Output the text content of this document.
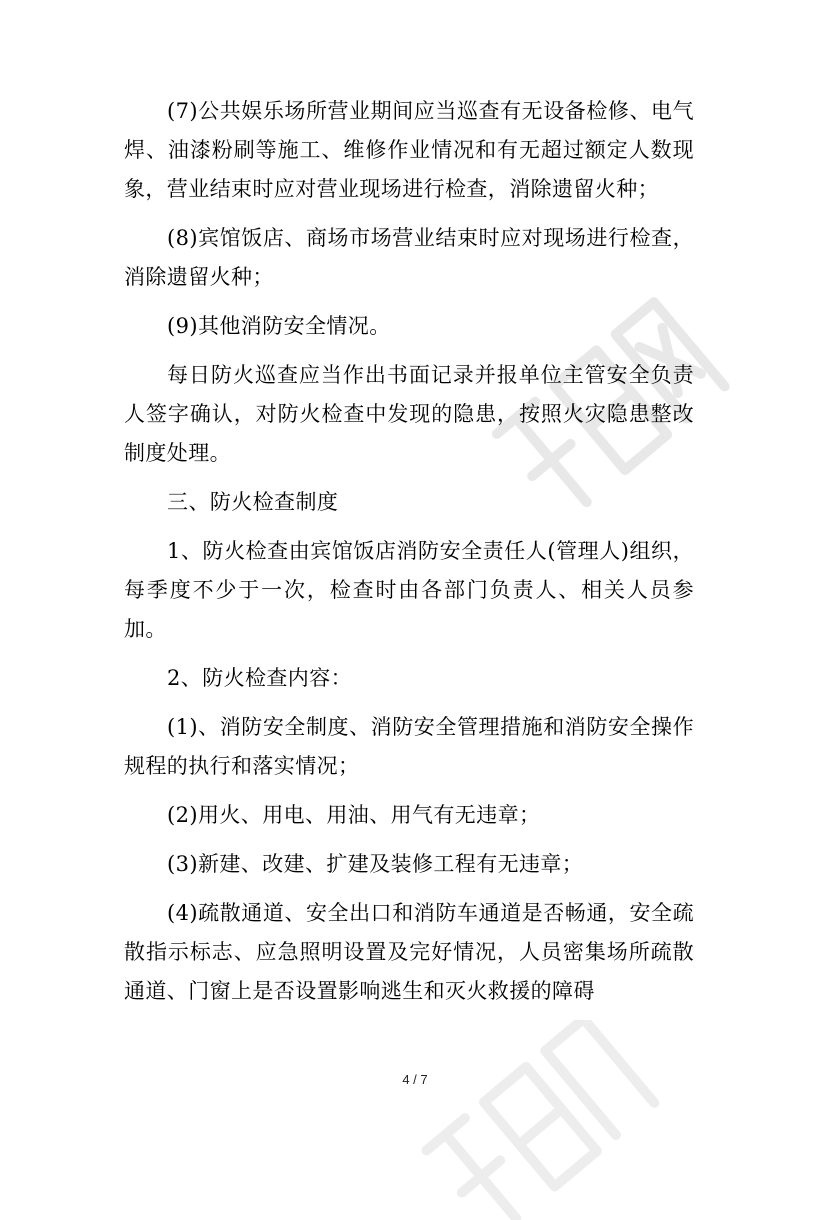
(7)公共娱乐场所营业期间应当巡查有无设备检修、电气焊、油漆粉刷等施工、维修作业情况和有无超过额定人数现象，营业结束时应对营业现场进行检查，消除遗留火种；

(8)宾馆饭店、商场市场营业结束时应对现场进行检查，消除遗留火种；

(9)其他消防安全情况。

每日防火巡查应当作出书面记录并报单位主管安全负责人签字确认，对防火检查中发现的隐患，按照火灾隐患整改制度处理。

三、防火检查制度

1、防火检查由宾馆饭店消防安全责任人(管理人)组织，每季度不少于一次，检查时由各部门负责人、相关人员参加。

2、防火检查内容：

(1)、消防安全制度、消防安全管理措施和消防安全操作规程的执行和落实情况；

(2)用火、用电、用油、用气有无违章；

(3)新建、改建、扩建及装修工程有无违章；

(4)疏散通道、安全出口和消防车通道是否畅通，安全疏散指示标志、应急照明设置及完好情况，人员密集场所疏散通道、门窗上是否设置影响逃生和灭火救援的障碍

4 / 7
